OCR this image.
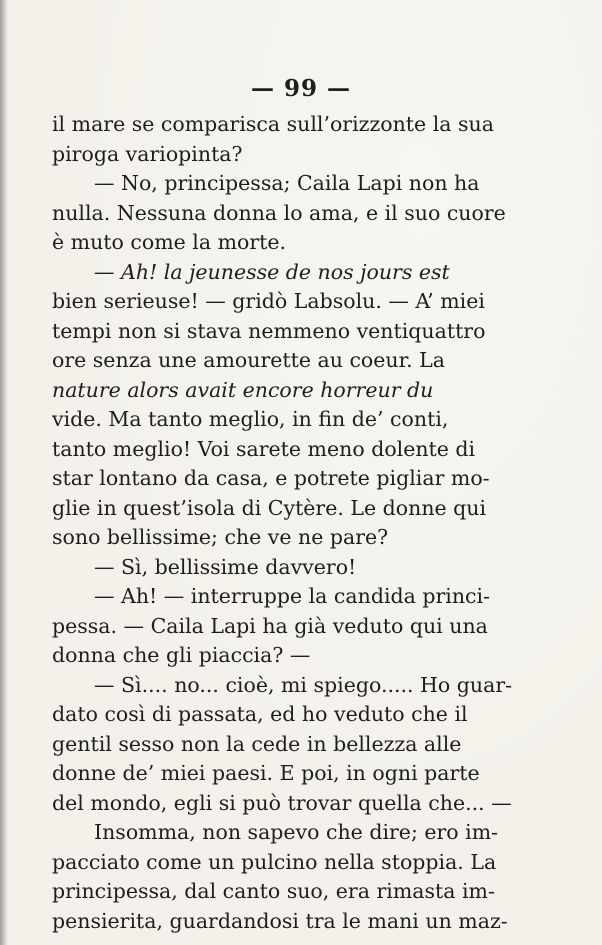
— 99 —
il mare se comparisca sull’orizzonte la sua
piroga variopinta?
— No, principessa; Caila Lapi non ha
nulla. Nessuna donna lo ama, e il suo cuore
è muto come la morte.
— Ah! la jeunesse de nos jours est
bien serieuse! — gridò Labsolu. — A’ miei
tempi non si stava nemmeno ventiquattro
ore senza une amourette au coeur. La
nature alors avait encore horreur du
vide. Ma tanto meglio, in fin de’ conti,
tanto meglio! Voi sarete meno dolente di
star lontano da casa, e potrete pigliar mo-
glie in quest’isola di Cytère. Le donne qui
sono bellissime; che ve ne pare?
— Sì, bellissime davvero!
— Ah! — interruppe la candida princi-
pessa. — Caila Lapi ha già veduto qui una
donna che gli piaccia? —
— Sì.... no... cioè, mi spiego..... Ho guar-
dato così di passata, ed ho veduto che il
gentil sesso non la cede in bellezza alle
donne de’ miei paesi. E poi, in ogni parte
del mondo, egli si può trovar quella che... —
Insomma, non sapevo che dire; ero im-
pacciato come un pulcino nella stoppia. La
principessa, dal canto suo, era rimasta im-
pensierita, guardandosi tra le mani un maz-
